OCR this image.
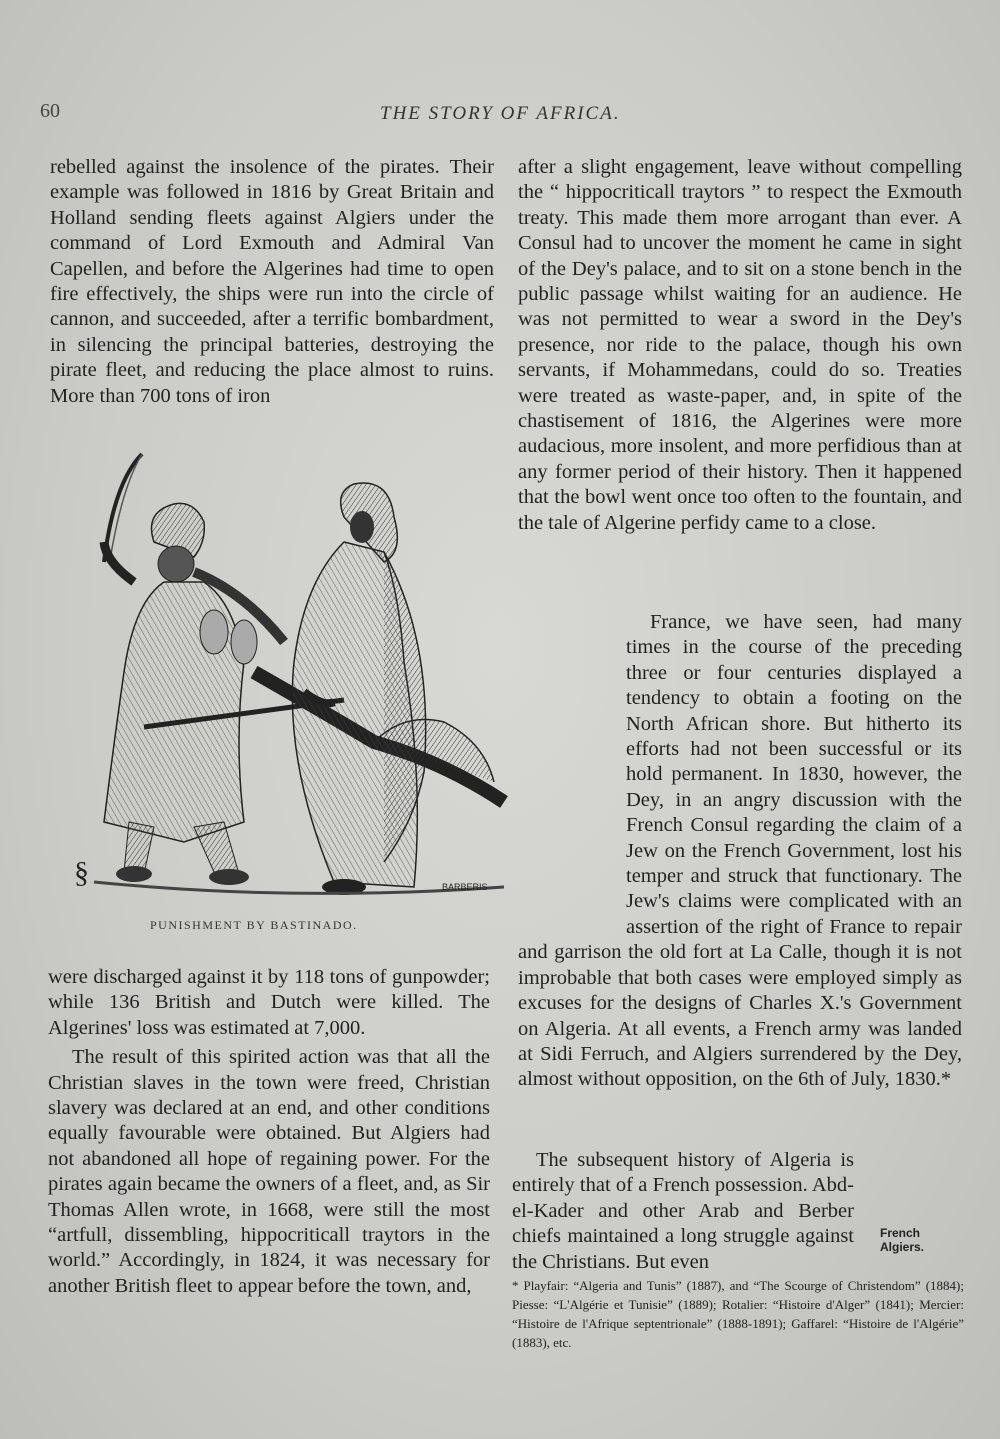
60	THE STORY OF AFRICA.

rebelled against the insolence of the pirates. Their example was followed in 1816 by Great Britain and Holland sending fleets against Algiers under the command of Lord Exmouth and Admiral Van Capellen, and before the Algerines had time to open fire effectively, the ships were run into the circle of cannon, and succeeded, after a terrific bombardment, in silencing the principal batteries, destroying the pirate fleet, and reducing the place almost to ruins. More than 700 tons of iron

§	BARBERIS
PUNISHMENT BY BASTINADO.

were discharged against it by 118 tons of gunpowder; while 136 British and Dutch were killed. The Algerines' loss was estimated at 7,000.

The result of this spirited action was that all the Christian slaves in the town were freed, Christian slavery was declared at an end, and other conditions equally favourable were obtained. But Algiers had not abandoned all hope of regaining power. For the pirates again became the owners of a fleet, and, as Sir Thomas Allen wrote, in 1668, were still the most “artfull, dissembling, hippocriticall traytors in the world.” Accordingly, in 1824, it was necessary for another British fleet to appear before the town, and,

after a slight engagement, leave without compelling the “ hippocriticall traytors ” to respect the Exmouth treaty. This made them more arrogant than ever. A Consul had to uncover the moment he came in sight of the Dey's palace, and to sit on a stone bench in the public passage whilst waiting for an audience. He was not permitted to wear a sword in the Dey's presence, nor ride to the palace, though his own servants, if Mohammedans, could do so. Treaties were treated as waste-paper, and, in spite of the chastisement of 1816, the Algerines were more audacious, more insolent, and more perfidious than at any former period of their history. Then it happened that the bowl went once too often to the fountain, and the tale of Algerine perfidy came to a close.

France, we have seen, had many times in the course of the preceding three or four centuries displayed a tendency to obtain a footing on the North African shore. But hitherto its efforts had not been successful or its hold permanent. In 1830, however, the Dey, in an angry discussion with the French Consul regarding the claim of a Jew on the French Government, lost his temper and struck that functionary. The Jew's claims were complicated with an assertion of the right of France to repair and garrison the old fort at La Calle, though it is not improbable that both cases were employed simply as excuses for the designs of Charles X.'s Government on Algeria. At all events, a French army was landed at Sidi Ferruch, and Algiers surrendered by the Dey, almost without opposition, on the 6th of July, 1830.*

The subsequent history of Algeria is entirely that of a French possession. Abd-el-Kader and other Arab and Berber chiefs maintained a long struggle against the Christians. But even

French
Algiers.
* Playfair: “Algeria and Tunis” (1887), and “The Scourge of Christendom” (1884); Piesse: “L'Algérie et Tunisie” (1889); Rotalier: “Histoire d'Alger” (1841); Mercier: “Histoire de l'Afrique septentrionale” (1888-1891); Gaffarel: “Histoire de l'Algérie” (1883), etc.
